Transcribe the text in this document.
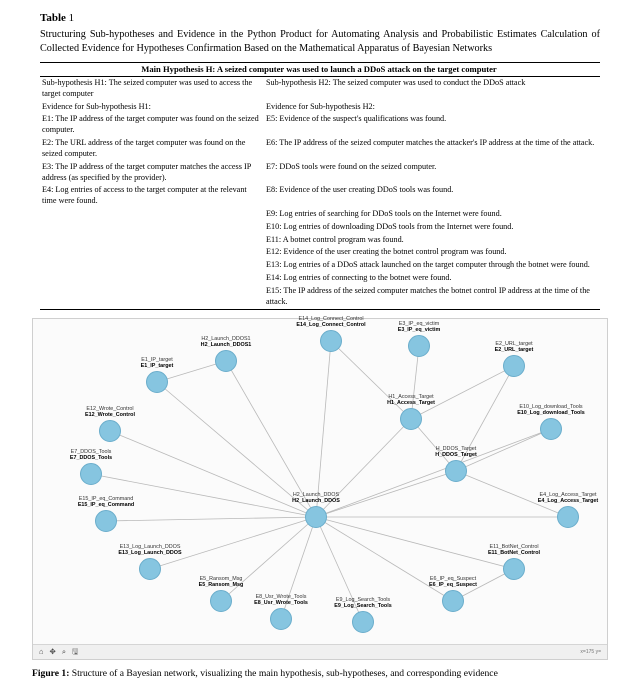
Table 1
Structuring Sub-hypotheses and Evidence in the Python Product for Automating Analysis and Probabilistic Estimates Calculation of Collected Evidence for Hypotheses Confirmation Based on the Mathematical Apparatus of Bayesian Networks
Main Hypothesis H: A seized computer was used to launch a DDoS attack on the target computer	
Sub-hypothesis H1: The seized computer was used to access the target computer	Sub-hypothesis H2: The seized computer was used to conduct the DDoS attack
Evidence for Sub-hypothesis H1:	Evidence for Sub-hypothesis H2:
E1: The IP address of the target computer was found on the seized computer.	E5: Evidence of the suspect's qualifications was found.
E2: The URL address of the target computer was found on the seized computer.	E6: The IP address of the seized computer matches the attacker's IP address at the time of the attack.
E3: The IP address of the target computer matches the access IP address (as specified by the provider).	E7: DDoS tools were found on the seized computer.
E4: Log entries of access to the target computer at the relevant time were found.	E8: Evidence of the user creating DDoS tools was found.
	E9: Log entries of searching for DDoS tools on the Internet were found.
	E10: Log entries of downloading DDoS tools from the Internet were found.
	E11: A botnet control program was found.
	E12: Evidence of the user creating the botnet control program was found.
	E13: Log entries of a DDoS attack launched on the target computer through the botnet were found.
	E14: Log entries of connecting to the botnet were found.
	E15: The IP address of the seized computer matches the botnet control IP address at the time of the attack.
H2_Launch_DDOS
H2_Launch_DDOS
H1_Access_Target
H1_Access_Target
H_DDOS_Target
H_DDOS_Target
E14_Log_Connect_Control
E14_Log_Connect_Control	E3_IP_eq_victim
E3_IP_eq_victim
E2_URL_target
E2_URL_target
H2_Launch_DDOS1
H2_Launch_DDOS1
E1_IP_target
E1_IP_target
E12_Wrote_Control
E12_Wrote_Control
E10_Log_download_Tools
E10_Log_download_Tools
E7_DDOS_Tools
E7_DDOS_Tools
E15_IP_eq_Command
E15_IP_eq_Command
E4_Log_Access_Target
E4_Log_Access_Target
E13_Log_Launch_DDOS
E13_Log_Launch_DDOS
E11_BotNet_Control
E11_BotNet_Control
E5_Ransom_Msg
E5_Ransom_Msg
E6_IP_eq_Suspect
E6_IP_eq_Suspect
E8_Usr_Wrote_Tools
E8_Usr_Wrote_Tools	E9_Log_Search_Tools
E9_Log_Search_Tools
⌂ ✥ ⌕ 🖫	x=175 y=
Figure 1: Structure of a Bayesian network, visualizing the main hypothesis, sub-hypotheses, and corresponding evidence
